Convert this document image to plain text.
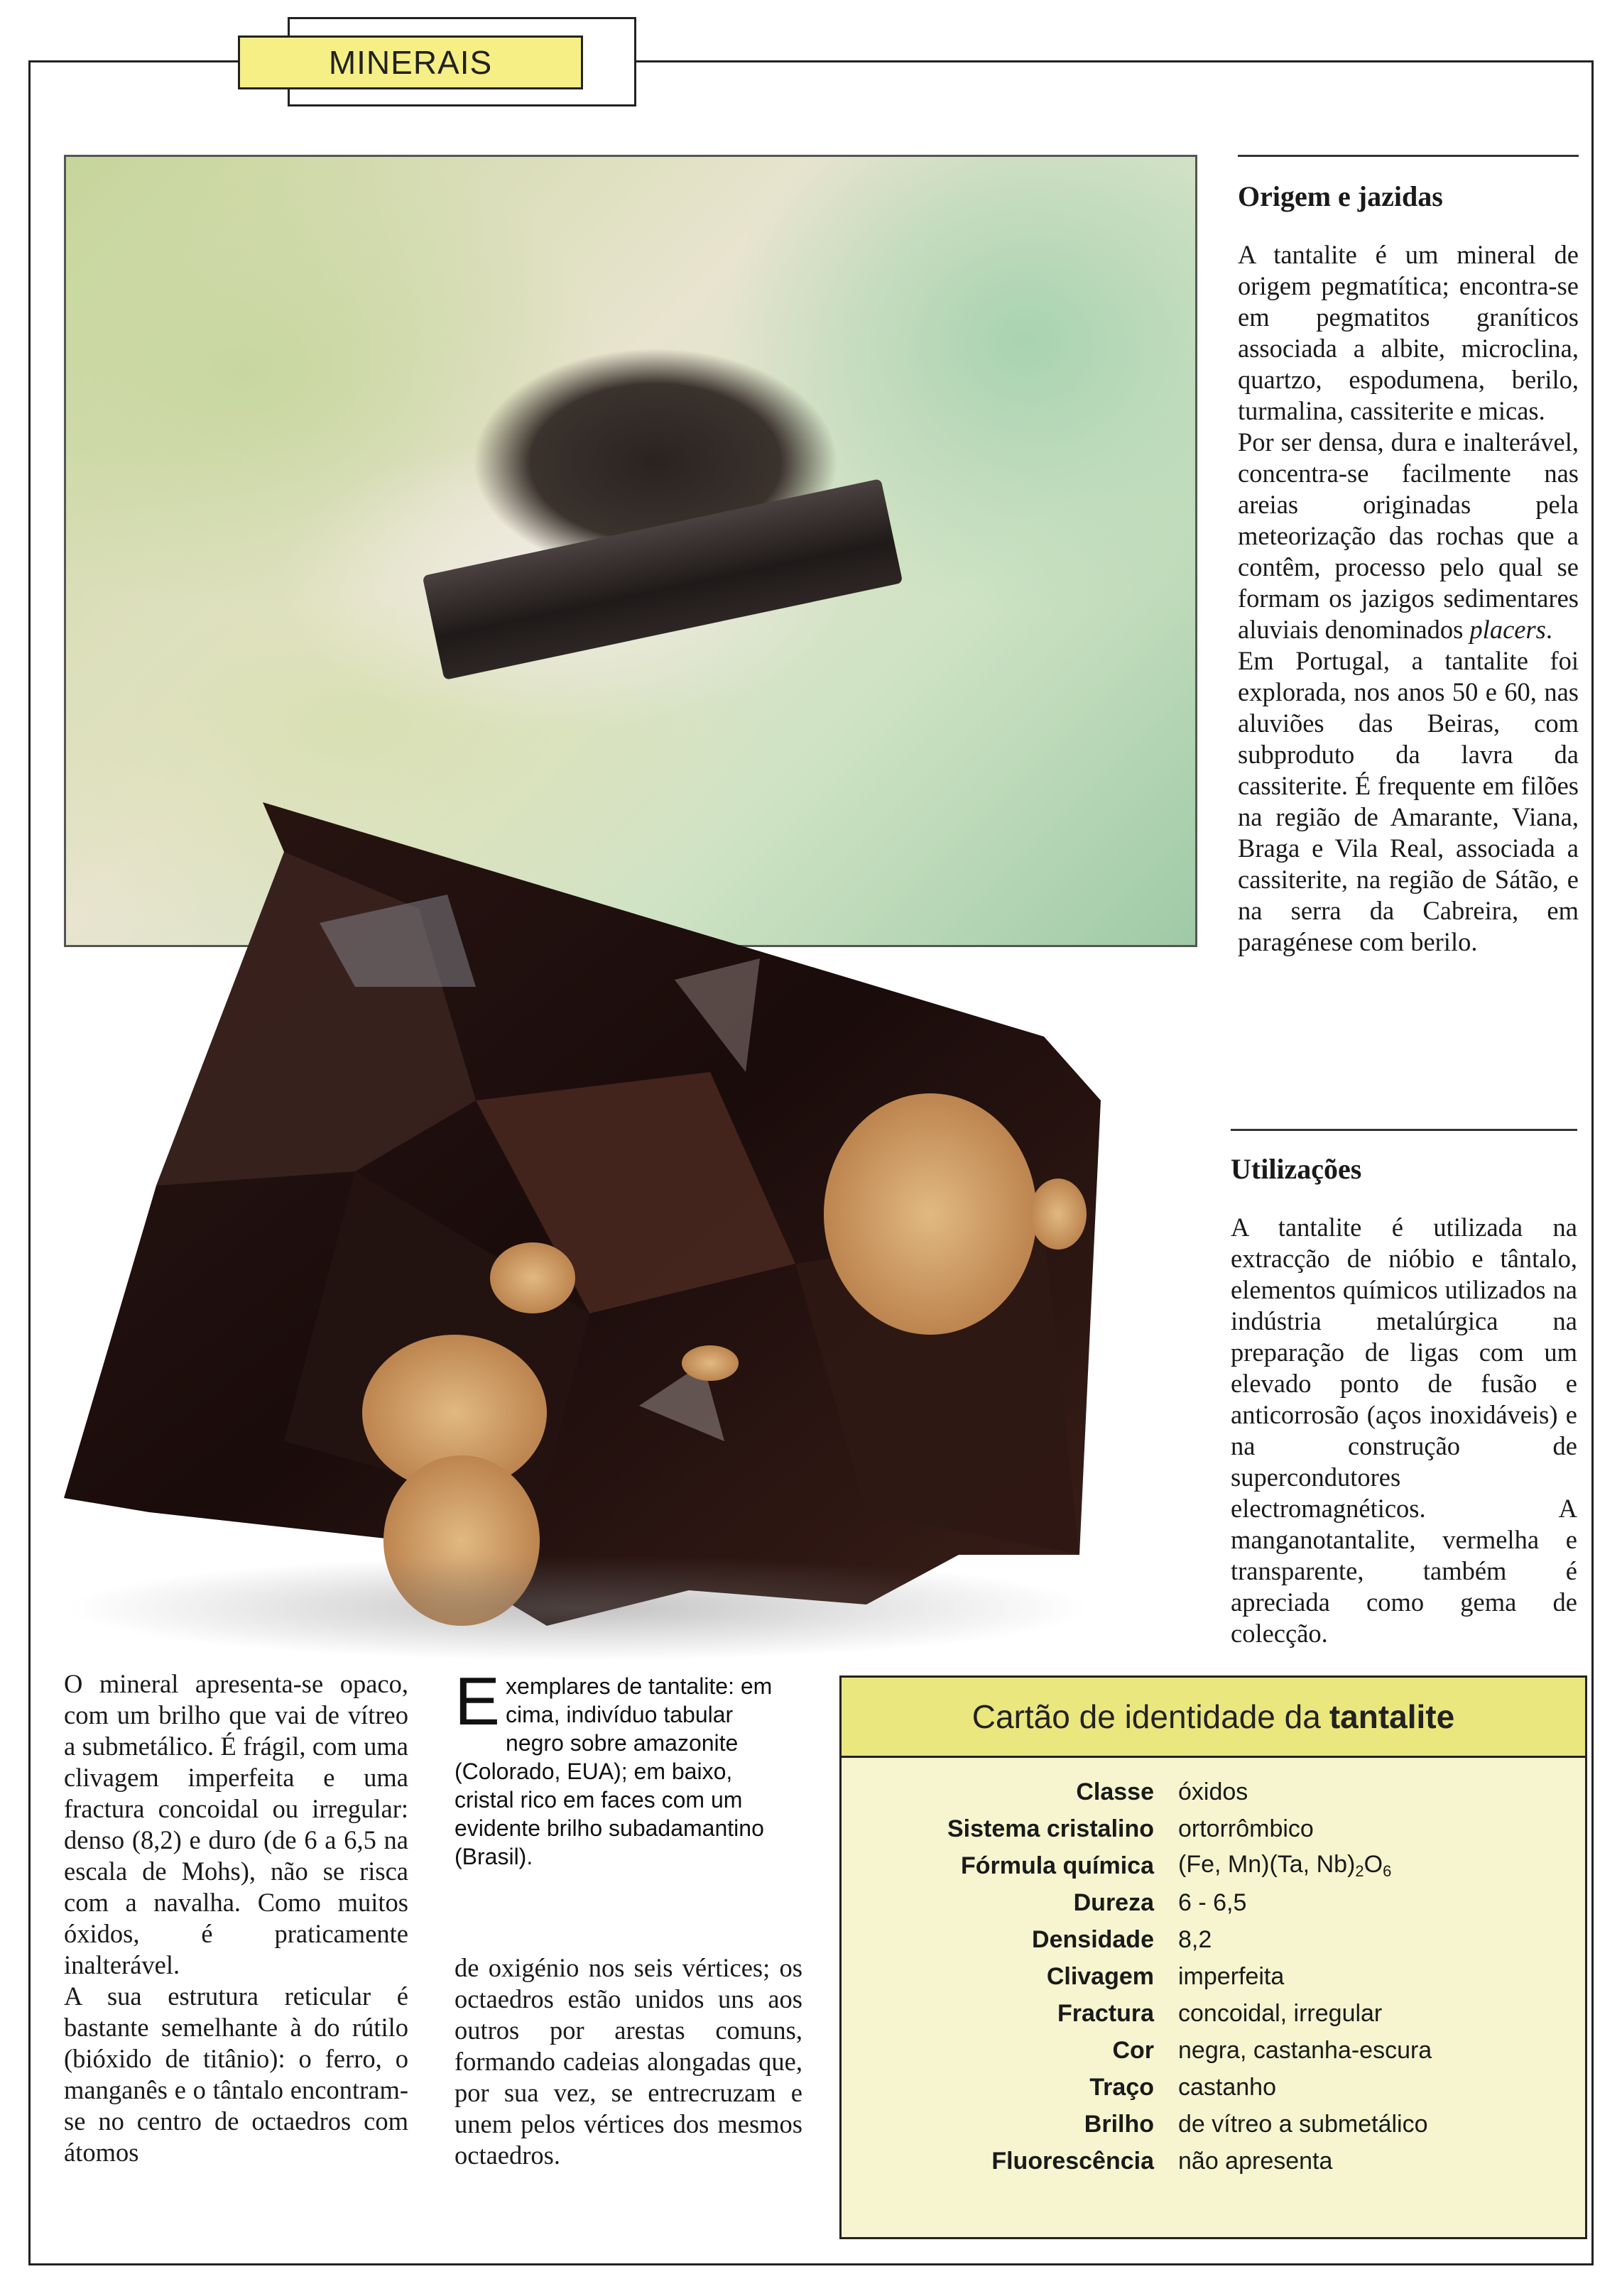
MINERAIS
Origem e jazidas

A tantalite é um mineral de origem pegmatítica; encontra-se em pegmatitos graníticos associada a albite, microclina, quartzo, espodumena, berilo, turmalina, cassiterite e micas.

Por ser densa, dura e inalterável, concentra-se facilmente nas areias originadas pela meteorização das rochas que a contêm, processo pelo qual se formam os jazigos sedimentares aluviais denominados placers.

Em Portugal, a tantalite foi explorada, nos anos 50 e 60, nas aluviões das Beiras, com subproduto da lavra da cassiterite. É frequente em filões na região de Amarante, Viana, Braga e Vila Real, associada a cassiterite, na região de Sátão, e na serra da Cabreira, em paragénese com berilo.

Utilizações

A tantalite é utilizada na extracção de nióbio e tântalo, elementos químicos utilizados na indústria metalúrgica na preparação de ligas com um elevado ponto de fusão e anticorrosão (aços inoxidáveis) e na construção de supercondutores electromagnéticos. A manganotantalite, vermelha e transparente, também é apreciada como gema de colecção.

O mineral apresenta-se opaco, com um brilho que vai de vítreo a submetálico. É frágil, com uma clivagem imperfeita e uma fractura concoidal ou irregular: denso (8,2) e duro (de 6 a 6,5 na escala de Mohs), não se risca com a navalha. Como muitos óxidos, é praticamente inalterável.

A sua estrutura reticular é bastante semelhante à do rútilo (bióxido de titânio): o ferro, o manganês e o tântalo encontram-se no centro de octaedros com átomos

Exemplares de tantalite: em cima, indivíduo tabular negro sobre amazonite (Colorado, EUA); em baixo, cristal rico em faces com um evidente brilho subadamantino (Brasil).

de oxigénio nos seis vértices; os octaedros estão unidos uns aos outros por arestas comuns, formando cadeias alongadas que, por sua vez, se entrecruzam e unem pelos vértices dos mesmos octaedros.

Cartão de identidade da tantalite
Classe	óxidos
Sistema cristalino	ortorrômbico
Fórmula química	(Fe, Mn)(Ta, $Nb)_2O_6$
Dureza	6 - 6,5
Densidade	8,2
Clivagem	imperfeita
Fractura	concoidal, irregular
Cor	negra, castanha-escura
Traço	castanho
Brilho	de vítreo a submetálico
Fluorescência	não apresenta
